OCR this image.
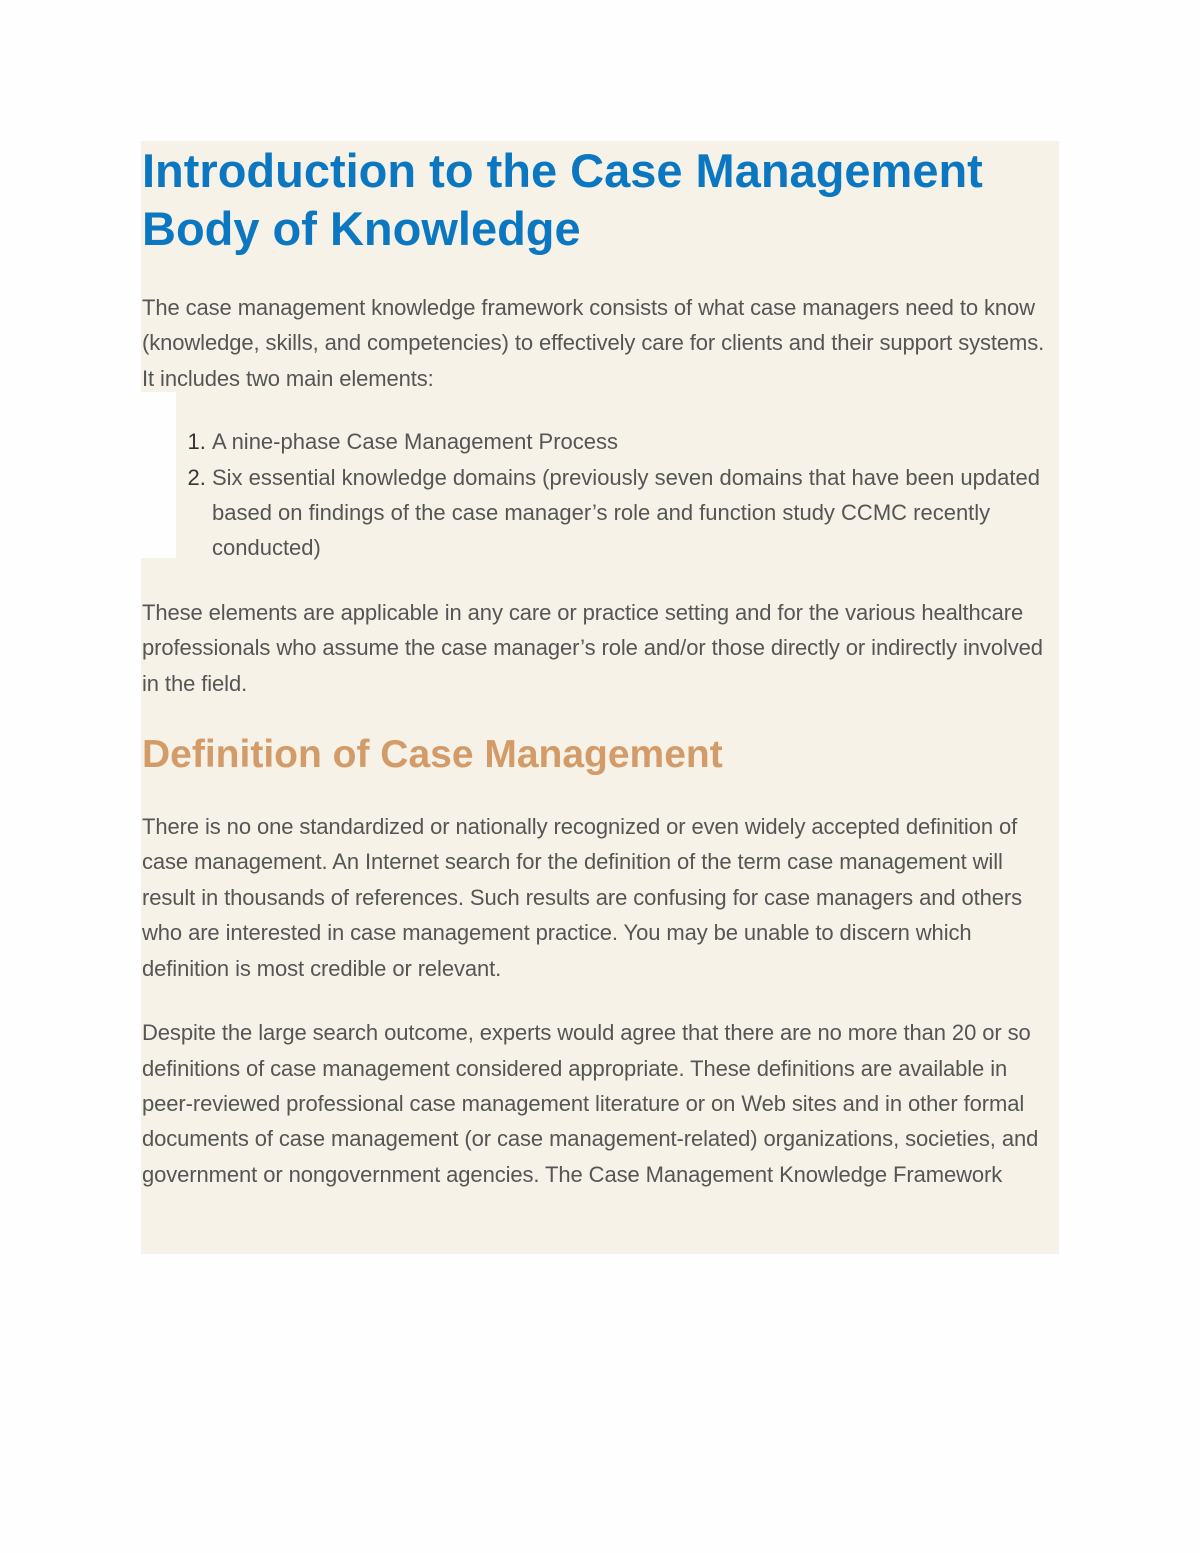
Introduction to the Case Management Body of Knowledge

The case management knowledge framework consists of what case managers need to know (knowledge, skills, and competencies) to effectively care for clients and their support systems. It includes two main elements:

1. A nine-phase Case Management Process
2. Six essential knowledge domains (previously seven domains that have been updated based on findings of the case manager’s role and function study CCMC recently conducted)

These elements are applicable in any care or practice setting and for the various healthcare professionals who assume the case manager’s role and/or those directly or indirectly involved in the field.

Definition of Case Management

There is no one standardized or nationally recognized or even widely accepted definition of case management. An Internet search for the definition of the term case management will result in thousands of references. Such results are confusing for case managers and others who are interested in case management practice. You may be unable to discern which definition is most credible or relevant.

Despite the large search outcome, experts would agree that there are no more than 20 or so definitions of case management considered appropriate. These definitions are available in peer-reviewed professional case management literature or on Web sites and in other formal documents of case management (or case management-related) organizations, societies, and government or nongovernment agencies. The Case Management Knowledge Framework
